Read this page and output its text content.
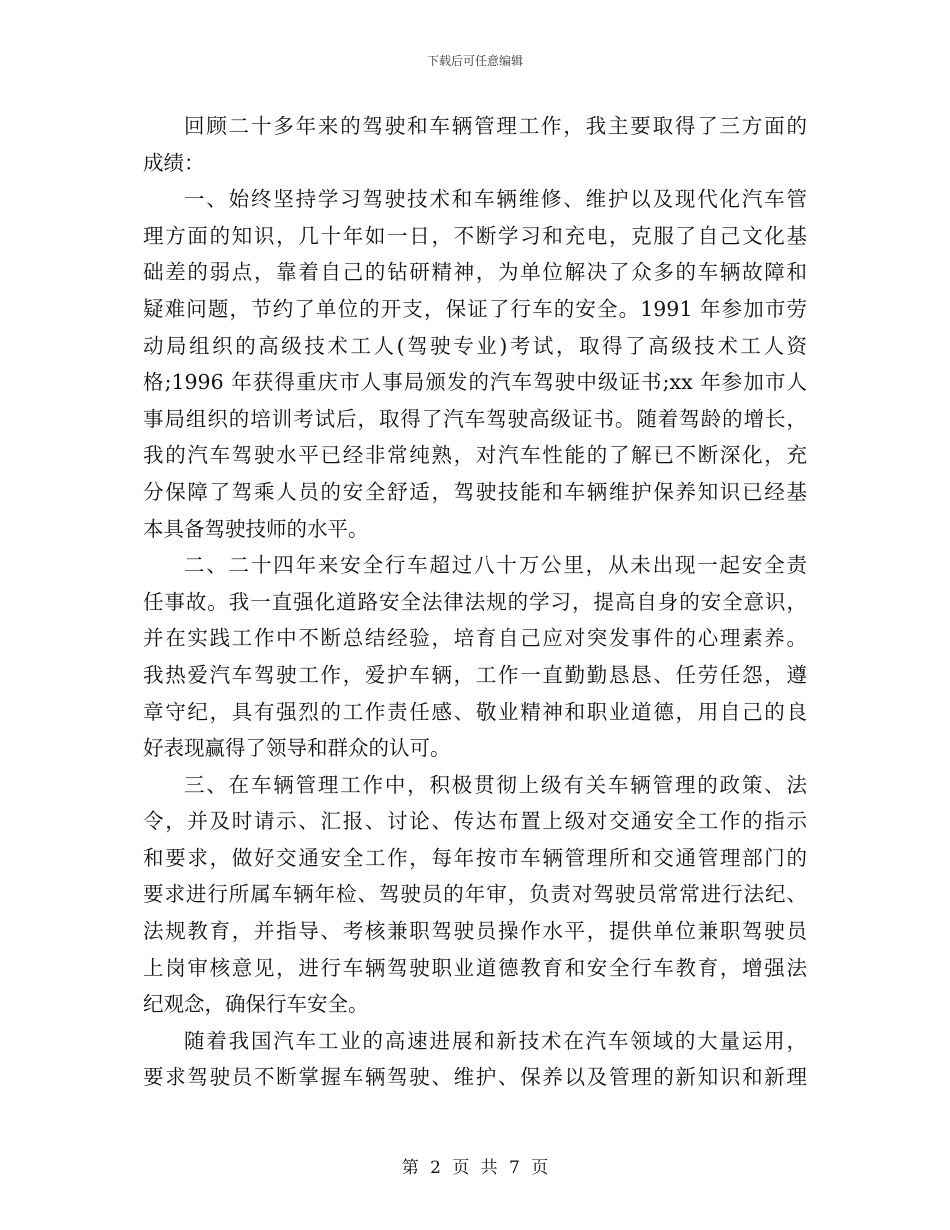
下载后可任意编辑
回顾二十多年来的驾驶和车辆管理工作，我主要取得了三方面的
成绩：
一、始终坚持学习驾驶技术和车辆维修、维护以及现代化汽车管
理方面的知识，几十年如一日，不断学习和充电，克服了自己文化基
础差的弱点，靠着自己的钻研精神，为单位解决了众多的车辆故障和
疑难问题，节约了单位的开支，保证了行车的安全。1991 年参加市劳
动局组织的高级技术工人(驾驶专业)考试，取得了高级技术工人资
格;1996 年获得重庆市人事局颁发的汽车驾驶中级证书;xx 年参加市人
事局组织的培训考试后，取得了汽车驾驶高级证书。随着驾龄的增长，
我的汽车驾驶水平已经非常纯熟，对汽车性能的了解已不断深化，充
分保障了驾乘人员的安全舒适，驾驶技能和车辆维护保养知识已经基
本具备驾驶技师的水平。
二、二十四年来安全行车超过八十万公里，从未出现一起安全责
任事故。我一直强化道路安全法律法规的学习，提高自身的安全意识，
并在实践工作中不断总结经验，培育自己应对突发事件的心理素养。
我热爱汽车驾驶工作，爱护车辆，工作一直勤勤恳恳、任劳任怨，遵
章守纪，具有强烈的工作责任感、敬业精神和职业道德，用自己的良
好表现赢得了领导和群众的认可。
三、在车辆管理工作中，积极贯彻上级有关车辆管理的政策、法
令，并及时请示、汇报、讨论、传达布置上级对交通安全工作的指示
和要求，做好交通安全工作，每年按市车辆管理所和交通管理部门的
要求进行所属车辆年检、驾驶员的年审，负责对驾驶员常常进行法纪、
法规教育，并指导、考核兼职驾驶员操作水平，提供单位兼职驾驶员
上岗审核意见，进行车辆驾驶职业道德教育和安全行车教育，增强法
纪观念，确保行车安全。
随着我国汽车工业的高速进展和新技术在汽车领域的大量运用，
要求驾驶员不断掌握车辆驾驶、维护、保养以及管理的新知识和新理
第 2 页 共 7 页
